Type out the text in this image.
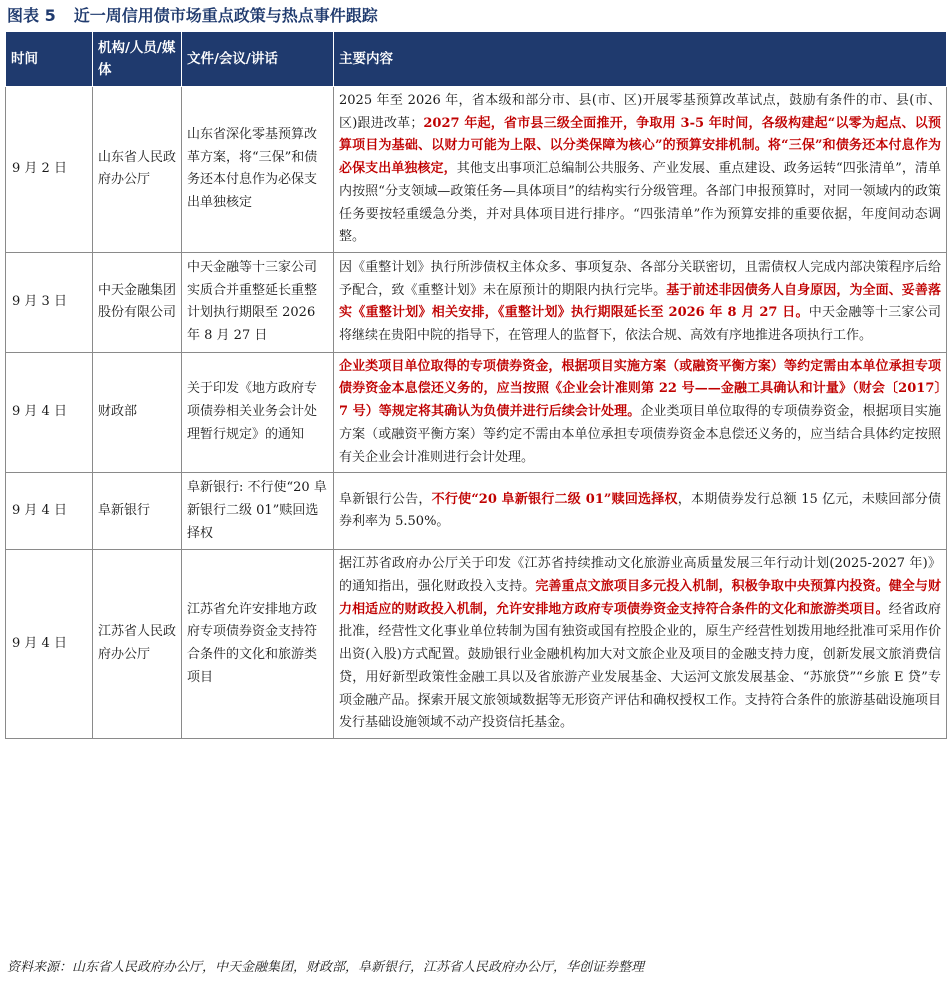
图表 5 近一周信用债市场重点政策与热点事件跟踪
时间	机构/人员/媒体	文件/会议/讲话	主要内容
9 月 2 日	山东省人民政府办公厅	山东省深化零基预算改革方案，将“三保”和债务还本付息作为必保支出单独核定	2025 年至 2026 年，省本级和部分市、县(市、区)开展零基预算改革试点，鼓励有条件的市、县(市、区)跟进改革；2027 年起，省市县三级全面推开，争取用 3-5 年时间，各级构建起“以零为起点、以预算项目为基础、以财力可能为上限、以分类保障为核心”的预算安排机制。将“三保”和债务还本付息作为必保支出单独核定，其他支出事项汇总编制公共服务、产业发展、重点建设、政务运转“四张清单”，清单内按照“分支领域—政策任务—具体项目”的结构实行分级管理。各部门申报预算时，对同一领域内的政策任务要按轻重缓急分类，并对具体项目进行排序。“四张清单”作为预算安排的重要依据，年度间动态调整。
9 月 3 日	中天金融集团股份有限公司	中天金融等十三家公司实质合并重整延长重整计划执行期限至 2026 年 8 月 27 日	因《重整计划》执行所涉债权主体众多、事项复杂、各部分关联密切，且需债权人完成内部决策程序后给予配合，致《重整计划》未在原预计的期限内执行完毕。基于前述非因债务人自身原因，为全面、妥善落实《重整计划》相关安排，《重整计划》执行期限延长至 2026 年 8 月 27 日。中天金融等十三家公司将继续在贵阳中院的指导下，在管理人的监督下，依法合规、高效有序地推进各项执行工作。
9 月 4 日	财政部	关于印发《地方政府专项债券相关业务会计处理暂行规定》的通知	企业类项目单位取得的专项债券资金，根据项目实施方案（或融资平衡方案）等约定需由本单位承担专项债券资金本息偿还义务的，应当按照《企业会计准则第 22 号——金融工具确认和计量》（财会〔2017〕7 号）等规定将其确认为负债并进行后续会计处理。企业类项目单位取得的专项债券资金，根据项目实施方案（或融资平衡方案）等约定不需由本单位承担专项债券资金本息偿还义务的，应当结合具体约定按照有关企业会计准则进行会计处理。
9 月 4 日	阜新银行	阜新银行: 不行使“20 阜新银行二级 01”赎回选择权	阜新银行公告，不行使“20 阜新银行二级 01”赎回选择权，本期债券发行总额 15 亿元，未赎回部分债券利率为 5.50%。
9 月 4 日	江苏省人民政府办公厅	江苏省允许安排地方政府专项债券资金支持符合条件的文化和旅游类项目	据江苏省政府办公厅关于印发《江苏省持续推动文化旅游业高质量发展三年行动计划(2025-2027 年)》的通知指出，强化财政投入支持。完善重点文旅项目多元投入机制，积极争取中央预算内投资。健全与财力相适应的财政投入机制，允许安排地方政府专项债券资金支持符合条件的文化和旅游类项目。经省政府批准，经营性文化事业单位转制为国有独资或国有控股企业的，原生产经营性划拨用地经批准可采用作价出资(入股)方式配置。鼓励银行业金融机构加大对文旅企业及项目的金融支持力度，创新发展文旅消费信贷，用好新型政策性金融工具以及省旅游产业发展基金、大运河文旅发展基金、“苏旅贷”“乡旅 E 贷”专项金融产品。探索开展文旅领域数据等无形资产评估和确权授权工作。支持符合条件的旅游基础设施项目发行基础设施领域不动产投资信托基金。
资料来源：山东省人民政府办公厅，中天金融集团，财政部，阜新银行，江苏省人民政府办公厅，华创证券整理
